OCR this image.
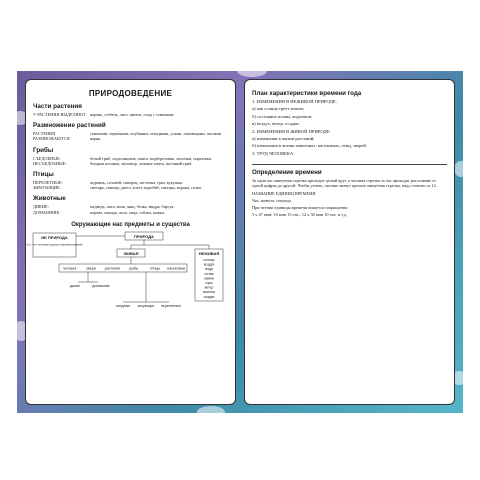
ПРИРОДОВЕДЕНИЕ
Части растения
У РАСТЕНИЯ ВЫДЕЛЯЮТ	корень, стебель, лист, цветок, плод с семенами.
Размножение растений
РАСТЕНИЯ РАЗМНОЖАЮТСЯ
семенами, черенками, клубнями, отводками, усами, луковицами, частями корня.
Грибы
СЪЕДОБНЫЕ:	белый гриб, подосиновик, опята, подберезовик, лисички, сыроежки.
НЕСЪЕДОБНЫЕ:	бледная поганка, мухомор, ложные опята, желчный гриб.
Птицы
ПЕРЕЛЕТНЫЕ:	журавль, соловей, скворец, ласточка, грач, кукушка.
ЗИМУЮЩИЕ:	снегирь, синица, дятел, клест, воробей, снегирь, ворона, галка.
Животные
ДИКИЕ:	медведь, лиса, волк, заяц, белка, выдра, барсук.
ДОМАШНИЕ:	корова, лошадь, коза, овца, собака, кошка.
Окружающие нас предметы и существа
НЕ ПРИРОДА
(то, что человек сделал своими руками)
ПРИРОДА
ЖИВАЯ	НЕЖИВАЯ
человек	звери растения	рыбы	птицы насекомые
дикие	домашние
оседлые кочующие перелетные
солнце
воздух
вода
почва
камни
горы
ветер
молнии
осадки
План характеристики времени года
1. ИЗМЕНЕНИЯ В НЕЖИВОЙ ПРИРОДЕ:
а) как солнце греет землю;
б) состояние почвы, водоемов;
в) воздух, ветер, осадки.
2. ИЗМЕНЕНИЯ В ЖИВОЙ ПРИРОДЕ:
а) изменения в жизни растений;
б) изменения в жизни животных: насекомых, птиц, зверей.
3. ТРУД ЧЕЛОВЕКА.
Определение времени
За один час минутная стрелка проходит целый круг, а часовая стрелка за час проходит расстояние от одной цифры до другой. Чтобы узнать, сколько минут прошло минутная стрелка, надо считать от 12.
НАЗВАНИЕ ЕДИНИЦ ВРЕМЕНИ
Час, минута, секунда.
При чтении единицы времени пишутся сокращенно:
5 ч 47 мин; 10 мин 15 сек.; 12 ч 30 мин 10 сек. и т.д.
